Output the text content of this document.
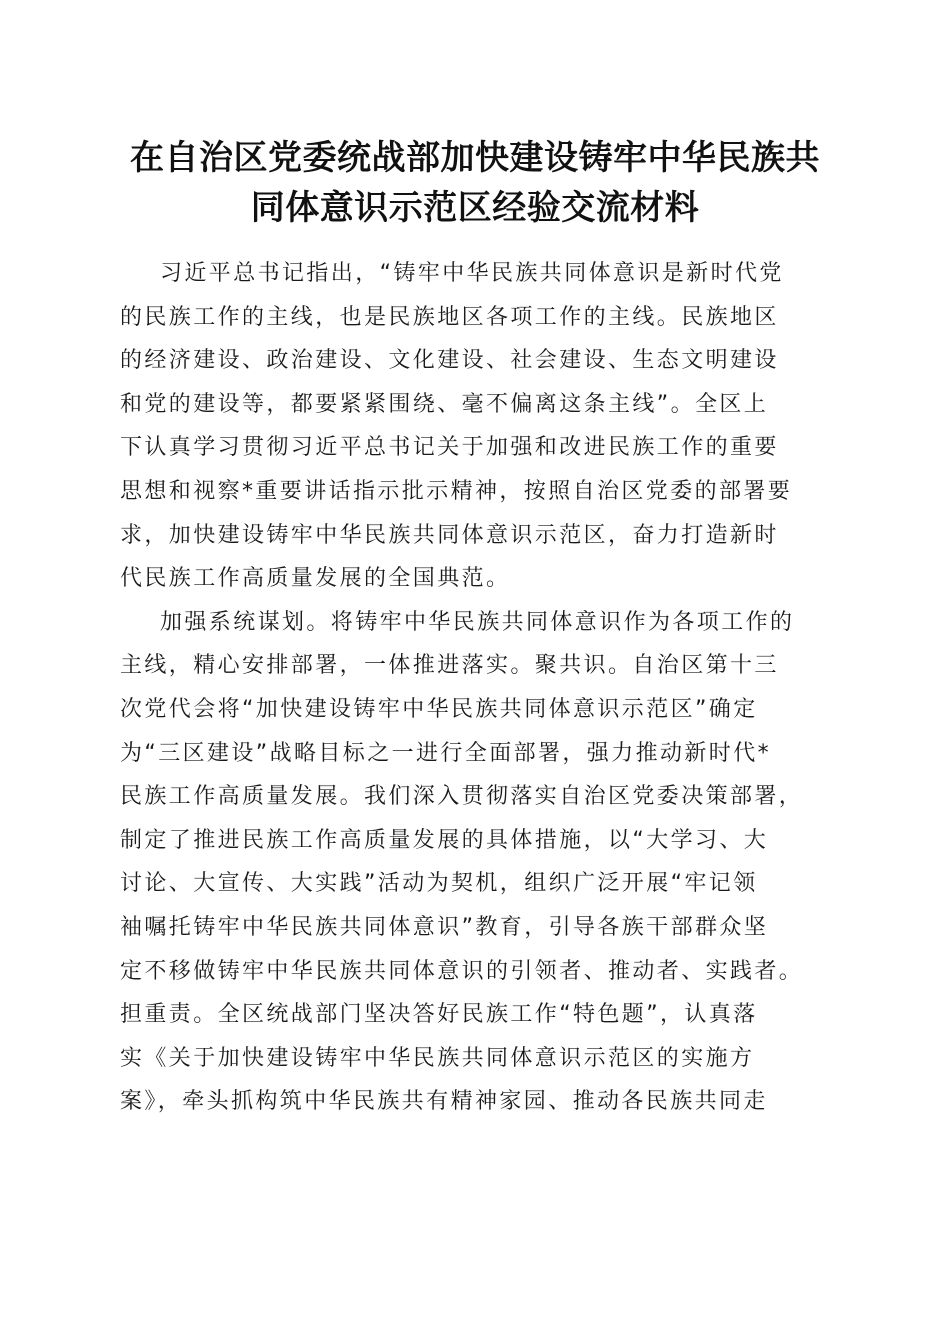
在自治区党委统战部加快建设铸牢中华民族共
同体意识示范区经验交流材料
习近平总书记指出，“铸牢中华民族共同体意识是新时代党
的民族工作的主线，也是民族地区各项工作的主线。民族地区
的经济建设、政治建设、文化建设、社会建设、生态文明建设
和党的建设等，都要紧紧围绕、毫不偏离这条主线”。全区上
下认真学习贯彻习近平总书记关于加强和改进民族工作的重要
思想和视察*重要讲话指示批示精神，按照自治区党委的部署要
求，加快建设铸牢中华民族共同体意识示范区，奋力打造新时
代民族工作高质量发展的全国典范。
加强系统谋划。将铸牢中华民族共同体意识作为各项工作的
主线，精心安排部署，一体推进落实。聚共识。自治区第十三
次党代会将“加快建设铸牢中华民族共同体意识示范区”确定
为“三区建设”战略目标之一进行全面部署，强力推动新时代*
民族工作高质量发展。我们深入贯彻落实自治区党委决策部署，
制定了推进民族工作高质量发展的具体措施，以“大学习、大
讨论、大宣传、大实践”活动为契机，组织广泛开展“牢记领
袖嘱托铸牢中华民族共同体意识”教育，引导各族干部群众坚
定不移做铸牢中华民族共同体意识的引领者、推动者、实践者。
担重责。全区统战部门坚决答好民族工作“特色题”，认真落
实《关于加快建设铸牢中华民族共同体意识示范区的实施方
案》，牵头抓构筑中华民族共有精神家园、推动各民族共同走
